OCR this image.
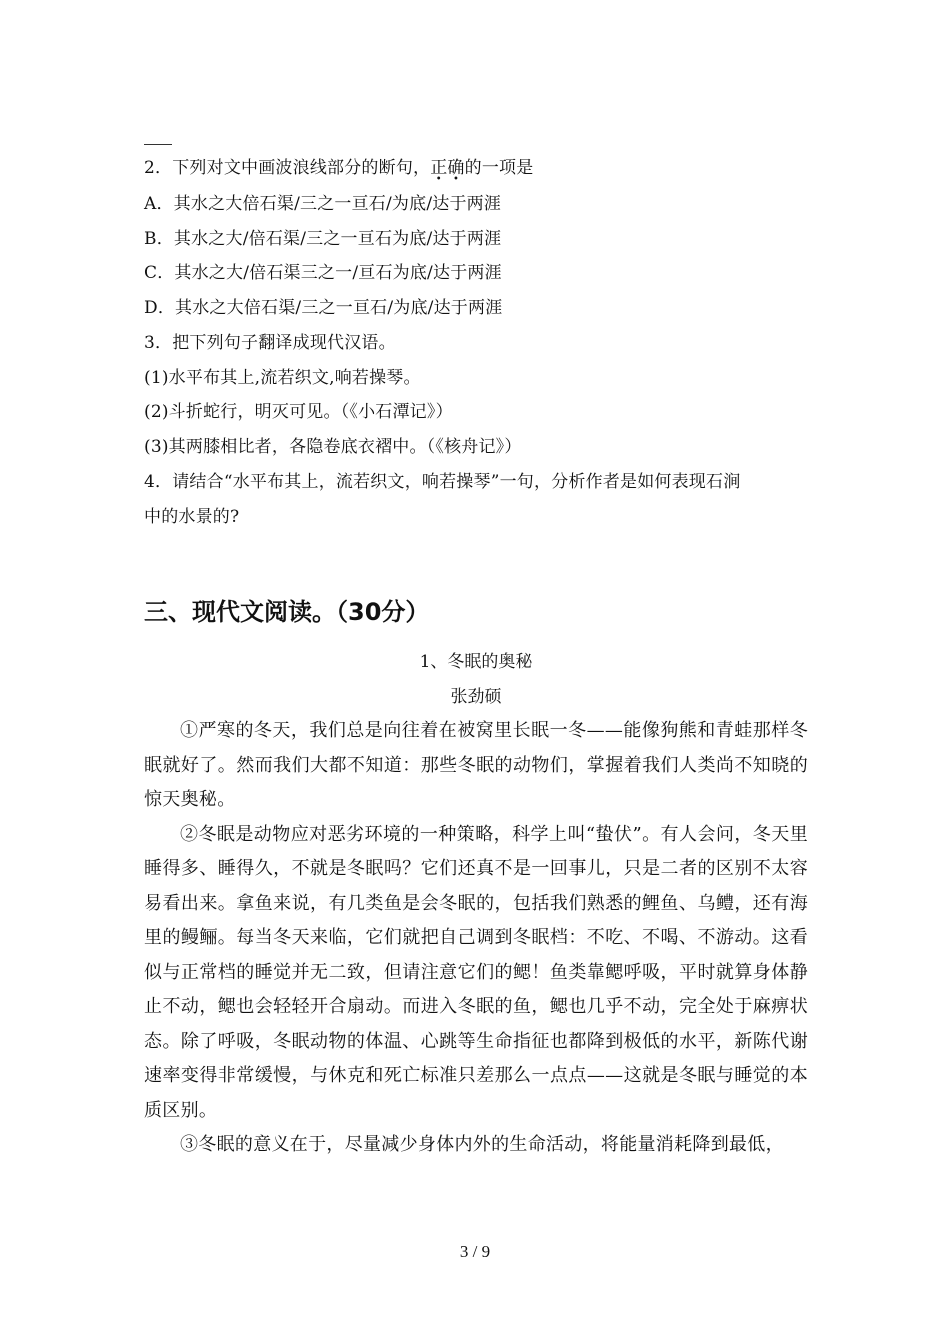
2．下列对文中画波浪线部分的断句，正确的一项是
A．其水之大倍石渠/三之一亘石/为底/达于两涯
B．其水之大/倍石渠/三之一亘石为底/达于两涯
C．其水之大/倍石渠三之一/亘石为底/达于两涯
D．其水之大倍石渠/三之一亘石/为底/达于两涯
3．把下列句子翻译成现代汉语。
(1)水平布其上,流若织文,响若操琴。
(2)斗折蛇行，明灭可见。（《小石潭记》）
(3)其两膝相比者，各隐卷底衣褶中。（《核舟记》）
4．请结合“水平布其上，流若织文，响若操琴”一句，分析作者是如何表现石涧
中的水景的?
三、现代文阅读。（30分）
1、冬眠的奥秘
张劲硕

①严寒的冬天，我们总是向往着在被窝里长眠一冬——能像狗熊和青蛙那样冬眠就好了。然而我们大都不知道：那些冬眠的动物们，掌握着我们人类尚不知晓的惊天奥秘。

②冬眠是动物应对恶劣环境的一种策略，科学上叫“蛰伏”。有人会问，冬天里睡得多、睡得久，不就是冬眠吗？它们还真不是一回事儿，只是二者的区别不太容易看出来。拿鱼来说，有几类鱼是会冬眠的，包括我们熟悉的鲤鱼、乌鳢，还有海里的鳗鲡。每当冬天来临，它们就把自己调到冬眠档：不吃、不喝、不游动。这看似与正常档的睡觉并无二致，但请注意它们的鳃！鱼类靠鳃呼吸，平时就算身体静止不动，鳃也会轻轻开合扇动。而进入冬眠的鱼，鳃也几乎不动，完全处于麻痹状态。除了呼吸，冬眠动物的体温、心跳等生命指征也都降到极低的水平，新陈代谢速率变得非常缓慢，与休克和死亡标准只差那么一点点——这就是冬眠与睡觉的本质区别。

③冬眠的意义在于，尽量减少身体内外的生命活动，将能量消耗降到最低，

3 / 9
